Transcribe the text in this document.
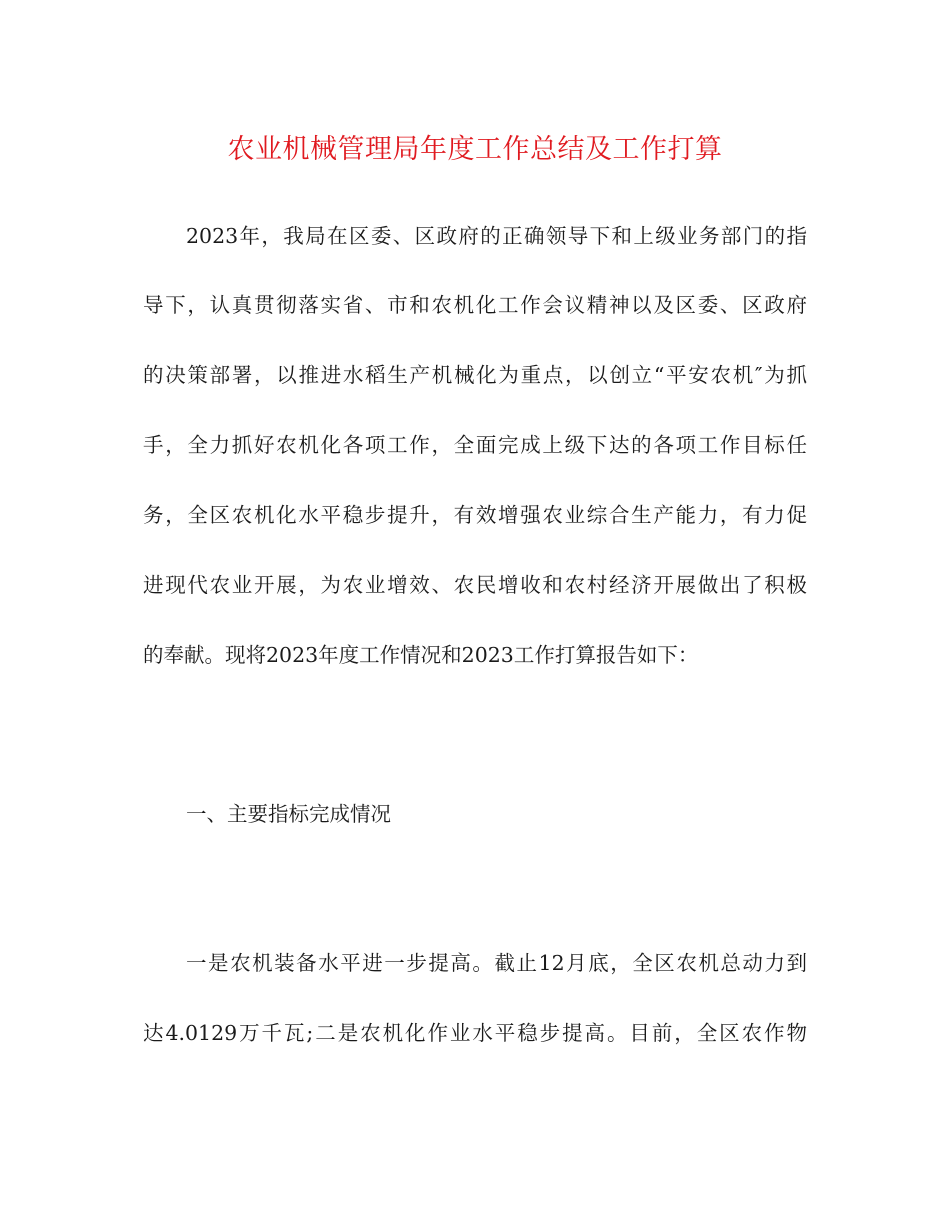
农业机械管理局年度工作总结及工作打算
2023年，我局在区委、区政府的正确领导下和上级业务部门的指
导下，认真贯彻落实省、市和农机化工作会议精神以及区委、区政府
的决策部署，以推进水稻生产机械化为重点，以创立“平安农机″为抓
手，全力抓好农机化各项工作，全面完成上级下达的各项工作目标任
务，全区农机化水平稳步提升，有效增强农业综合生产能力，有力促
进现代农业开展，为农业增效、农民增收和农村经济开展做出了积极
的奉献。现将2023年度工作情况和2023工作打算报告如下：
一、主要指标完成情况
一是农机装备水平进一步提高。截止12月底，全区农机总动力到
达4.0129万千瓦;二是农机化作业水平稳步提高。目前，全区农作物
